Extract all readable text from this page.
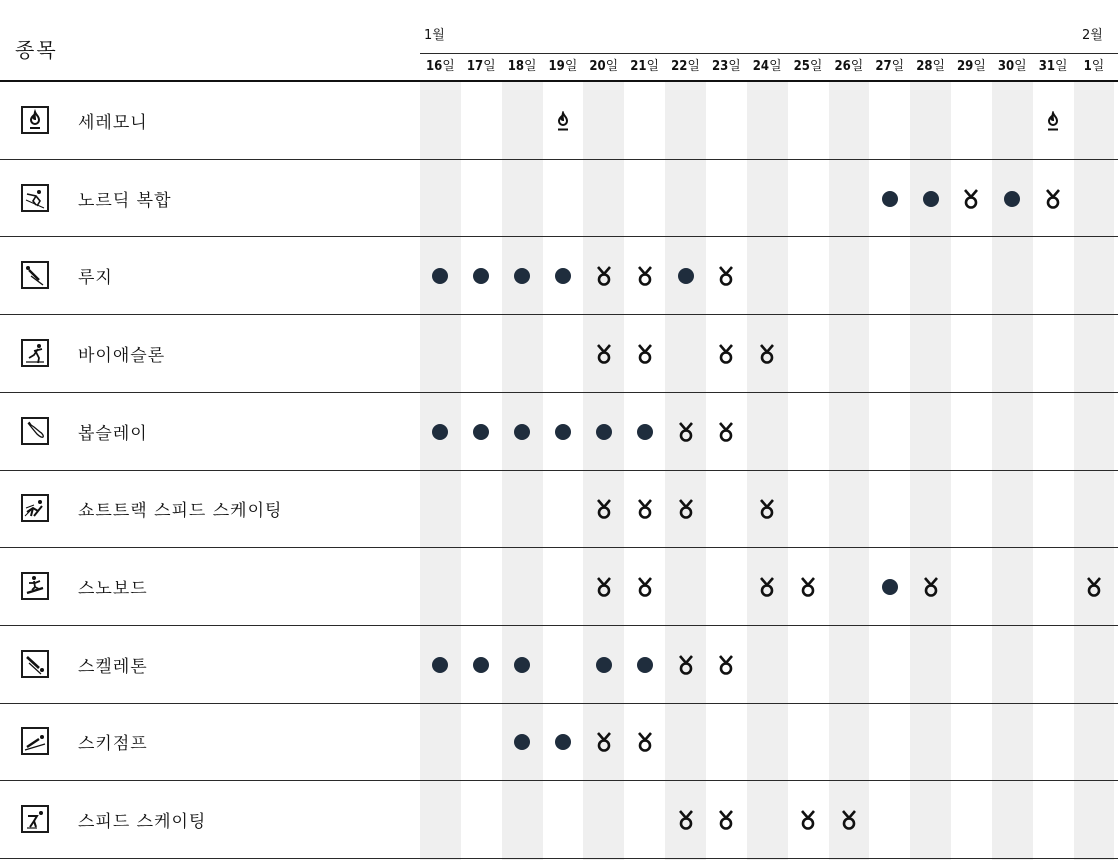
종목
1월	2월
16일 17일 18일 19일 20일 21일 22일 23일 24일 25일 26일 27일 28일 29일 30일 31일	1일
세레모니
노르딕 복합
루지
바이애슬론
봅슬레이
쇼트트랙 스피드 스케이팅
스노보드
스켈레톤
스키점프
스피드 스케이팅
